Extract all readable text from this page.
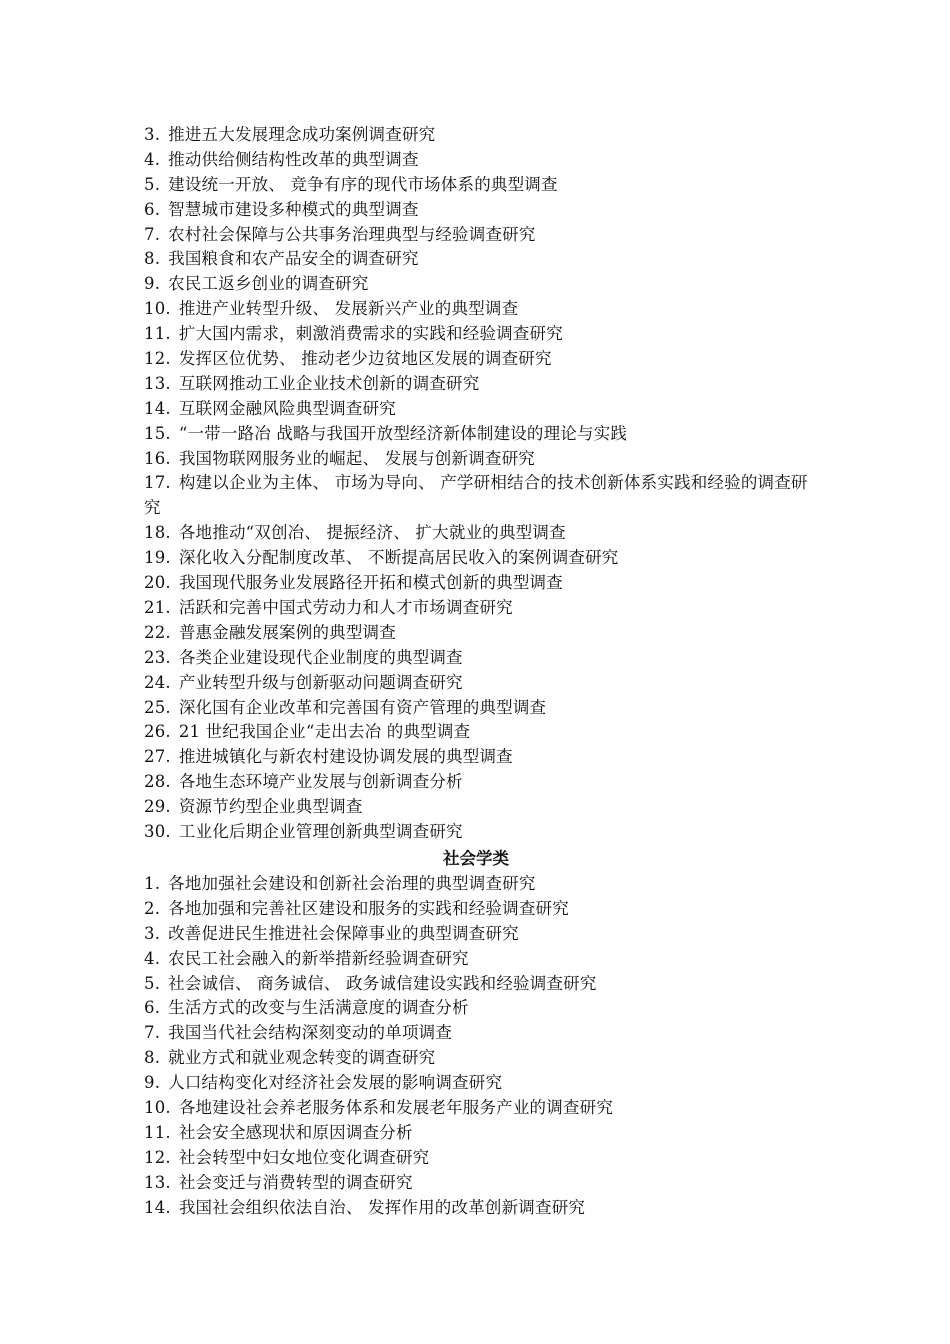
3. 推进五大发展理念成功案例调查研究
4. 推动供给侧结构性改革的典型调查
5. 建设统一开放、 竞争有序的现代市场体系的典型调查
6. 智慧城市建设多种模式的典型调查
7. 农村社会保障与公共事务治理典型与经验调查研究
8. 我国粮食和农产品安全的调查研究
9. 农民工返乡创业的调查研究
10. 推进产业转型升级、 发展新兴产业的典型调查
11. 扩大国内需求，刺激消费需求的实践和经验调查研究
12. 发挥区位优势、 推动老少边贫地区发展的调查研究
13. 互联网推动工业企业技术创新的调查研究
14. 互联网金融风险典型调查研究
15. “一带一路冶 战略与我国开放型经济新体制建设的理论与实践
16. 我国物联网服务业的崛起、 发展与创新调查研究
17. 构建以企业为主体、 市场为导向、 产学研相结合的技术创新体系实践和经验的调查研究
18. 各地推动“双创冶、 提振经济、 扩大就业的典型调查
19. 深化收入分配制度改革、 不断提高居民收入的案例调查研究
20. 我国现代服务业发展路径开拓和模式创新的典型调查
21. 活跃和完善中国式劳动力和人才市场调查研究
22. 普惠金融发展案例的典型调查
23. 各类企业建设现代企业制度的典型调查
24. 产业转型升级与创新驱动问题调查研究
25. 深化国有企业改革和完善国有资产管理的典型调查
26. 21 世纪我国企业“走出去冶 的典型调查
27. 推进城镇化与新农村建设协调发展的典型调查
28. 各地生态环境产业发展与创新调查分析
29. 资源节约型企业典型调查
30. 工业化后期企业管理创新典型调查研究
社会学类
1. 各地加强社会建设和创新社会治理的典型调查研究
2. 各地加强和完善社区建设和服务的实践和经验调查研究
3. 改善促进民生推进社会保障事业的典型调查研究
4. 农民工社会融入的新举措新经验调查研究
5. 社会诚信、 商务诚信、 政务诚信建设实践和经验调查研究
6. 生活方式的改变与生活满意度的调查分析
7. 我国当代社会结构深刻变动的单项调查
8. 就业方式和就业观念转变的调查研究
9. 人口结构变化对经济社会发展的影响调查研究
10. 各地建设社会养老服务体系和发展老年服务产业的调查研究
11. 社会安全感现状和原因调查分析
12. 社会转型中妇女地位变化调查研究
13. 社会变迁与消费转型的调查研究
14. 我国社会组织依法自治、 发挥作用的改革创新调查研究
